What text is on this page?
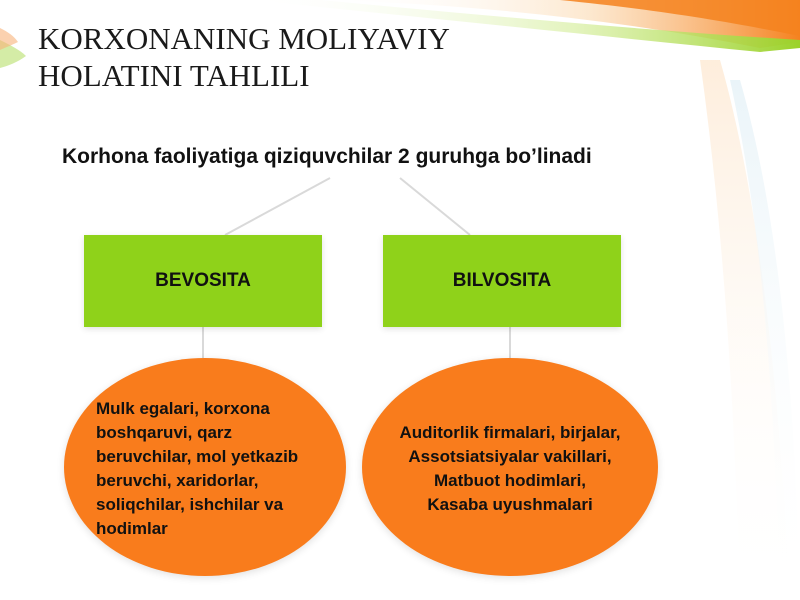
KORXONANING MOLIYAVIY
HOLATINI TAHLILI
Korhona faoliyatiga qiziquvchilar 2 guruhga bo’linadi
BEVOSITA	BILVOSITA
Mulk egalari, korxona
boshqaruvi, qarz
beruvchilar, mol yetkazib
beruvchi, xaridorlar,
soliqchilar, ishchilar va
hodimlar
Auditorlik firmalari, birjalar,
Assotsiatsiyalar vakillari,
Matbuot hodimlari,
Kasaba uyushmalari
